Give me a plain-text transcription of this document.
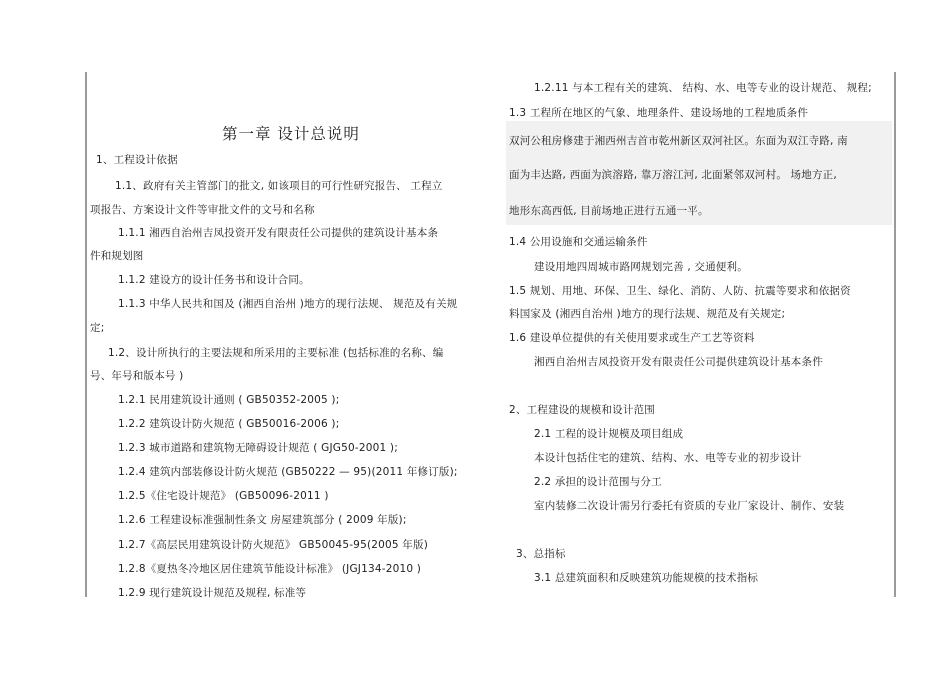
第一章 设计总说明
1、工程设计依据
1.1、政府有关主管部门的批文, 如该项目的可行性研究报告、 工程立
项报告、方案设计文件等审批文件的文号和名称
1.1.1 湘西自治州吉凤投资开发有限责任公司提供的建筑设计基本条
件和规划图
1.1.2 建设方的设计任务书和设计合同。
1.1.3 中华人民共和国及 (湘西自治州 )地方的现行法规、 规范及有关规
定;
1.2、设计所执行的主要法规和所采用的主要标准 (包括标准的名称、编
号、年号和版本号 )
1.2.1 民用建筑设计通则 ( GB50352-2005 );
1.2.2 建筑设计防火规范 ( GB50016-2006 );
1.2.3 城市道路和建筑物无障碍设计规范 ( GJG50-2001 );
1.2.4 建筑内部装修设计防火规范 (GB50222 — 95)(2011 年修订版);
1.2.5《住宅设计规范》 (GB50096-2011 )
1.2.6 工程建设标准强制性条文 房屋建筑部分 ( 2009 年版);
1.2.7《高层民用建筑设计防火规范》 GB50045-95(2005 年版)
1.2.8《夏热冬冷地区居住建筑节能设计标准》 (JGJ134-2010 )
1.2.9 现行建筑设计规范及规程, 标准等
1.2.11 与本工程有关的建筑、 结构、水、电等专业的设计规范、 规程;
1.3 工程所在地区的气象、地理条件、建设场地的工程地质条件
双河公租房修建于湘西州吉首市乾州新区双河社区。东面为双江寺路, 南
面为丰达路, 西面为滨溶路, 靠万溶江河, 北面紧邻双河村。 场地方正,
地形东高西低, 目前场地正进行五通一平。
1.4 公用设施和交通运输条件
建设用地四周城市路网规划完善 , 交通便利。
1.5 规划、用地、环保、卫生、绿化、消防、人防、抗震等要求和依据资
料国家及 (湘西自治州 )地方的现行法规、规范及有关规定;
1.6 建设单位提供的有关使用要求或生产工艺等资料
湘西自治州吉凤投资开发有限责任公司提供建筑设计基本条件
2、工程建设的规模和设计范围
2.1 工程的设计规模及项目组成
本设计包括住宅的建筑、结构、水、电等专业的初步设计
2.2 承担的设计范围与分工
室内装修二次设计需另行委托有资质的专业厂家设计、制作、安装
3、总指标
3.1 总建筑面积和反映建筑功能规模的技术指标
